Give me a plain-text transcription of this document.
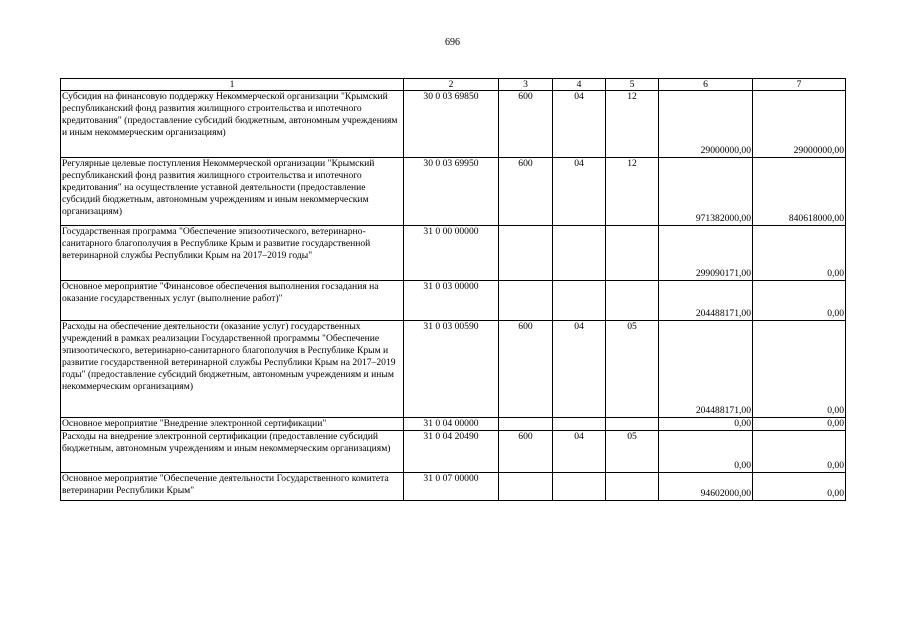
696
1	2	3	4	5	6	7
Субсидия на финансовую поддержку Некоммерческой организации "Крымский республиканский фонд развития жилищного строительства и ипотечного кредитования" (предоставление субсидий бюджетным, автономным учреждениям и иным некоммерческим организациям)	30 0 03 69850	600	04	12	29000000,00	29000000,00
Регулярные целевые поступления Некоммерческой организации "Крымский республиканский фонд развития жилищного строительства и ипотечного кредитования" на осуществление уставной деятельности (предоставление субсидий бюджетным, автономным учреждениям и иным некоммерческим организациям)	30 0 03 69950	600	04	12	971382000,00	840618000,00
Государственная программа "Обеспечение эпизоотического, ветеринарно-санитарного благополучия в Республике Крым и развитие государственной ветеринарной службы Республики Крым на 2017–2019 годы"	31 0 00 00000				299090171,00	0,00
Основное мероприятие "Финансовое обеспечения выполнения госзадания на оказание государственных услуг (выполнение работ)"	31 0 03 00000				204488171,00	0,00
Расходы на обеспечение деятельности (оказание услуг) государственных учреждений в рамках реализации Государственной программы "Обеспечение эпизоотического, ветеринарно-санитарного благополучия в Республике Крым и развитие государственной ветеринарной службы Республики Крым на 2017–2019 годы" (предоставление субсидий бюджетным, автономным учреждениям и иным некоммерческим организациям)	31 0 03 00590	600	04	05	204488171,00	0,00
Основное мероприятие "Внедрение электронной сертификации"	31 0 04 00000				0,00	0,00
Расходы на внедрение электронной сертификации (предоставление субсидий бюджетным, автономным учреждениям и иным некоммерческим организациям)	31 0 04 20490	600	04	05	0,00	0,00
Основное мероприятие "Обеспечение деятельности Государственного комитета ветеринарии Республики Крым"	31 0 07 00000				94602000,00	0,00
